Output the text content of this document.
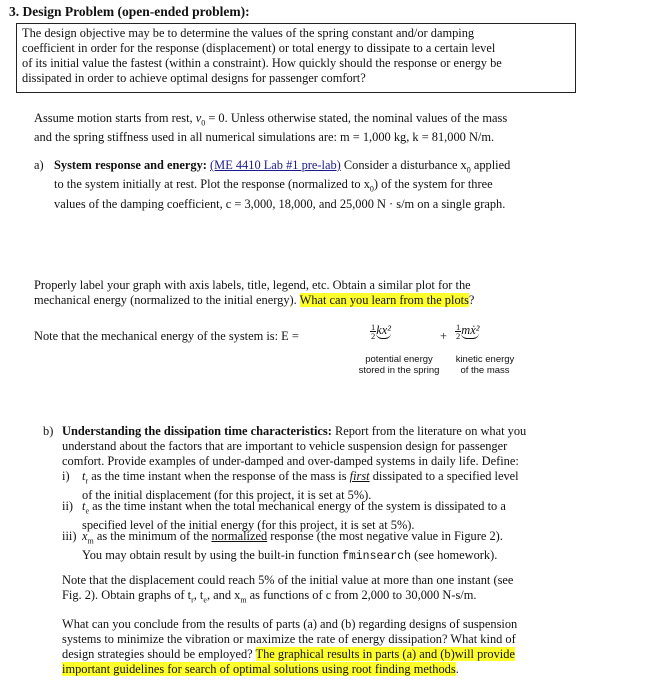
3. Design Problem (open-ended problem):
The design objective may be to determine the values of the spring constant and/or damping
coefficient in order for the response (displacement) or total energy to dissipate to a certain level
of its initial value the fastest (within a constraint). How quickly should the response or energy be
dissipated in order to achieve optimal designs for passenger comfort?
Assume motion starts from rest, $v_0 = 0$. Unless otherwise stated, the nominal values of the mass
and the spring stiffness used in all numerical simulations are: m = 1,000 kg, k = 81,000 N/m.
a) System response and energy: (ME 4410 Lab #1 pre-lab) Consider a disturbance $x_0$ applied
to the system initially at rest. Plot the response (normalized to $x_0$) of the system for three
values of the damping coefficient, c = 3,000, 18,000, and 25,000 N · s/m on a single graph.
Properly label your graph with axis labels, title, legend, etc. Obtain a similar plot for the
mechanical energy (normalized to the initial energy). What can you learn from the plots?
Note that the mechanical energy of the system is: E =	$\frac{1}{2} kx^2$	+ $\frac{1}{2}$ mẋ²
potential energy
stored in the spring
kinetic energy
of the mass
b) Understanding the dissipation time characteristics: Report from the literature on what you
understand about the factors that are important to vehicle suspension design for passenger
comfort. Provide examples of under-damped and over-damped systems in daily life. Define:
i) $t_r$ as the time instant when the response of the mass is first dissipated to a specified level
of the initial displacement (for this project, it is set at 5%).
ii) $t_e$ as the time instant when the total mechanical energy of the system is dissipated to a
specified level of the initial energy (for this project, it is set at 5%).
iii) $x_m$ as the minimum of the normalized response (the most negative value in Figure 2).
You may obtain result by using the built-in function fminsearch (see homework).
Note that the displacement could reach 5% of the initial value at more than one instant (see
Fig. 2). Obtain graphs of $t_r$, $t_e$, and $x_m$ as functions of c from 2,000 to 30,000 N-s/m.
What can you conclude from the results of parts (a) and (b) regarding designs of suspension
systems to minimize the vibration or maximize the rate of energy dissipation? What kind of
design strategies should be employed? The graphical results in parts (a) and (b)will provide
important guidelines for search of optimal solutions using root finding methods.
